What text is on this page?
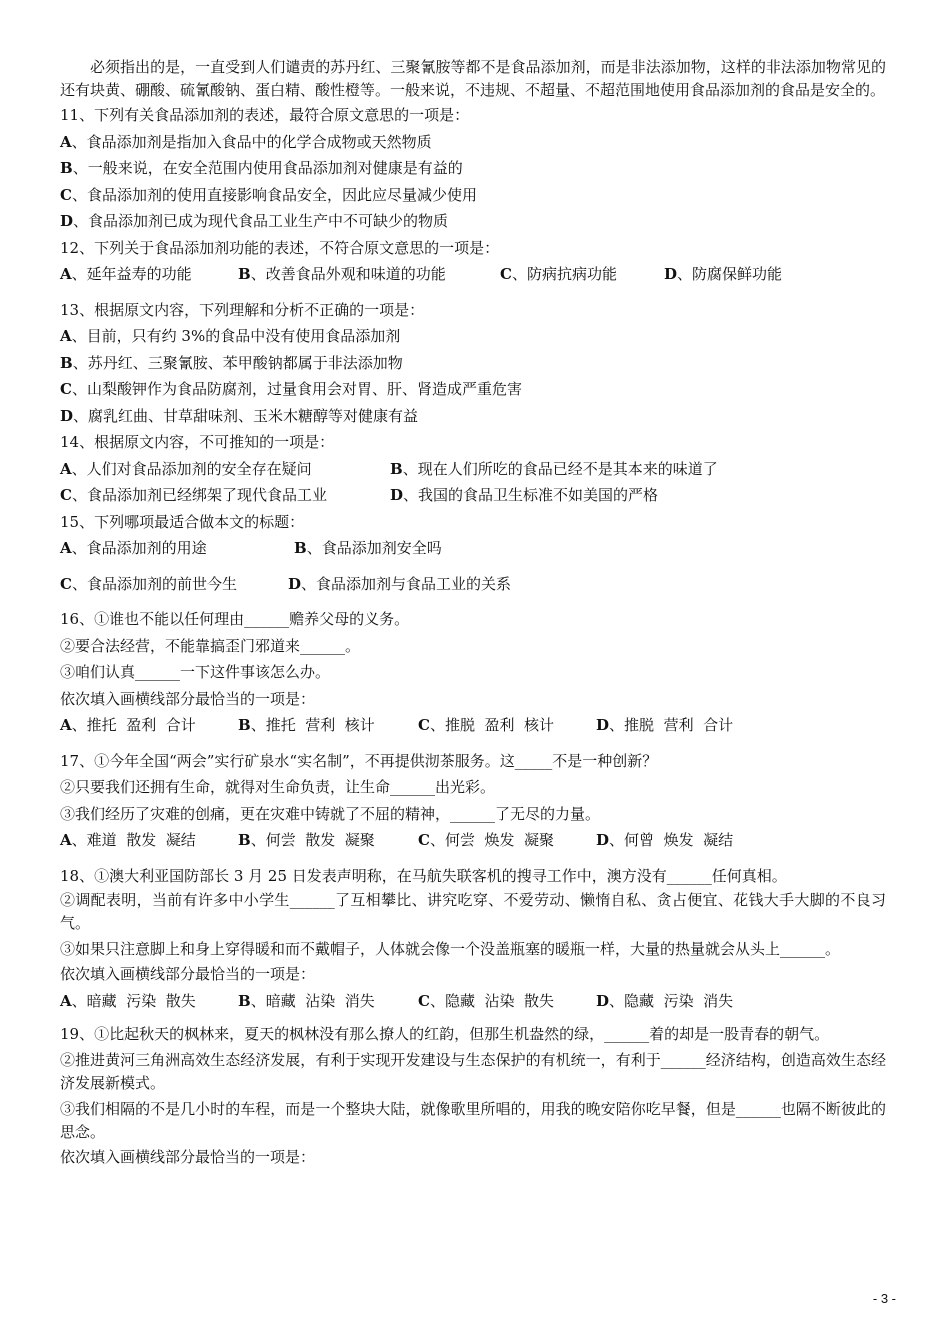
必须指出的是，一直受到人们谴责的苏丹红、三聚氰胺等都不是食品添加剂，而是非法添加物，这样的非法添加物常见的还有块黄、硼酸、硫氰酸钠、蛋白精、酸性橙等。一般来说，不违规、不超量、不超范围地使用食品添加剂的食品是安全的。
11、下列有关食品添加剂的表述，最符合原文意思的一项是：
A、食品添加剂是指加入食品中的化学合成物或天然物质
B、一般来说，在安全范围内使用食品添加剂对健康是有益的
C、食品添加剂的使用直接影响食品安全，因此应尽量减少使用
D、食品添加剂已成为现代食品工业生产中不可缺少的物质
12、下列关于食品添加剂功能的表述，不符合原文意思的一项是：
A、延年益寿的功能	B、改善食品外观和味道的功能	C、防病抗病功能	D、防腐保鲜功能
13、根据原文内容，下列理解和分析不正确的一项是：
A、目前，只有约 3%的食品中没有使用食品添加剂
B、苏丹红、三聚氰胺、苯甲酸钠都属于非法添加物
C、山梨酸钾作为食品防腐剂，过量食用会对胃、肝、肾造成严重危害
D、腐乳红曲、甘草甜味剂、玉米木糖醇等对健康有益
14、根据原文内容，不可推知的一项是：
A、人们对食品添加剂的安全存在疑问	B、现在人们所吃的食品已经不是其本来的味道了
C、食品添加剂已经绑架了现代食品工业	D、我国的食品卫生标准不如美国的严格
15、下列哪项最适合做本文的标题：
A、食品添加剂的用途	B、食品添加剂安全吗
C、食品添加剂的前世今生	D、食品添加剂与食品工业的关系
16、①谁也不能以任何理由______赡养父母的义务。
②要合法经营，不能靠搞歪门邪道来______。
③咱们认真______一下这件事该怎么办。
依次填入画横线部分最恰当的一项是：
A、推托  盈利  合计	B、推托  营利  核计	C、推脱  盈利  核计	D、推脱  营利  合计
17、①今年全国“两会”实行矿泉水“实名制”，不再提供沏茶服务。这_____不是一种创新？
②只要我们还拥有生命，就得对生命负责，让生命______出光彩。
③我们经历了灾难的创痛，更在灾难中铸就了不屈的精神，______了无尽的力量。
A、难道  散发  凝结	B、何尝  散发  凝聚	C、何尝  焕发  凝聚	D、何曾  焕发  凝结
18、①澳大利亚国防部长 3 月 25 日发表声明称，在马航失联客机的搜寻工作中，澳方没有______任何真相。
②调配表明，当前有许多中小学生______了互相攀比、讲究吃穿、不爱劳动、懒惰自私、贪占便宜、花钱大手大脚的不良习气。
③如果只注意脚上和身上穿得暖和而不戴帽子，人体就会像一个没盖瓶塞的暖瓶一样，大量的热量就会从头上______。
依次填入画横线部分最恰当的一项是：
A、暗藏  污染  散失	B、暗藏  沾染  消失	C、隐藏  沾染  散失	D、隐藏  污染  消失
19、①比起秋天的枫林来，夏天的枫林没有那么撩人的红韵，但那生机盎然的绿，______着的却是一股青春的朝气。
②推进黄河三角洲高效生态经济发展，有利于实现开发建设与生态保护的有机统一，有利于______经济结构，创造高效生态经济发展新模式。
③我们相隔的不是几小时的车程，而是一个整块大陆，就像歌里所唱的，用我的晚安陪你吃早餐，但是______也隔不断彼此的思念。
依次填入画横线部分最恰当的一项是：
- 3 -
